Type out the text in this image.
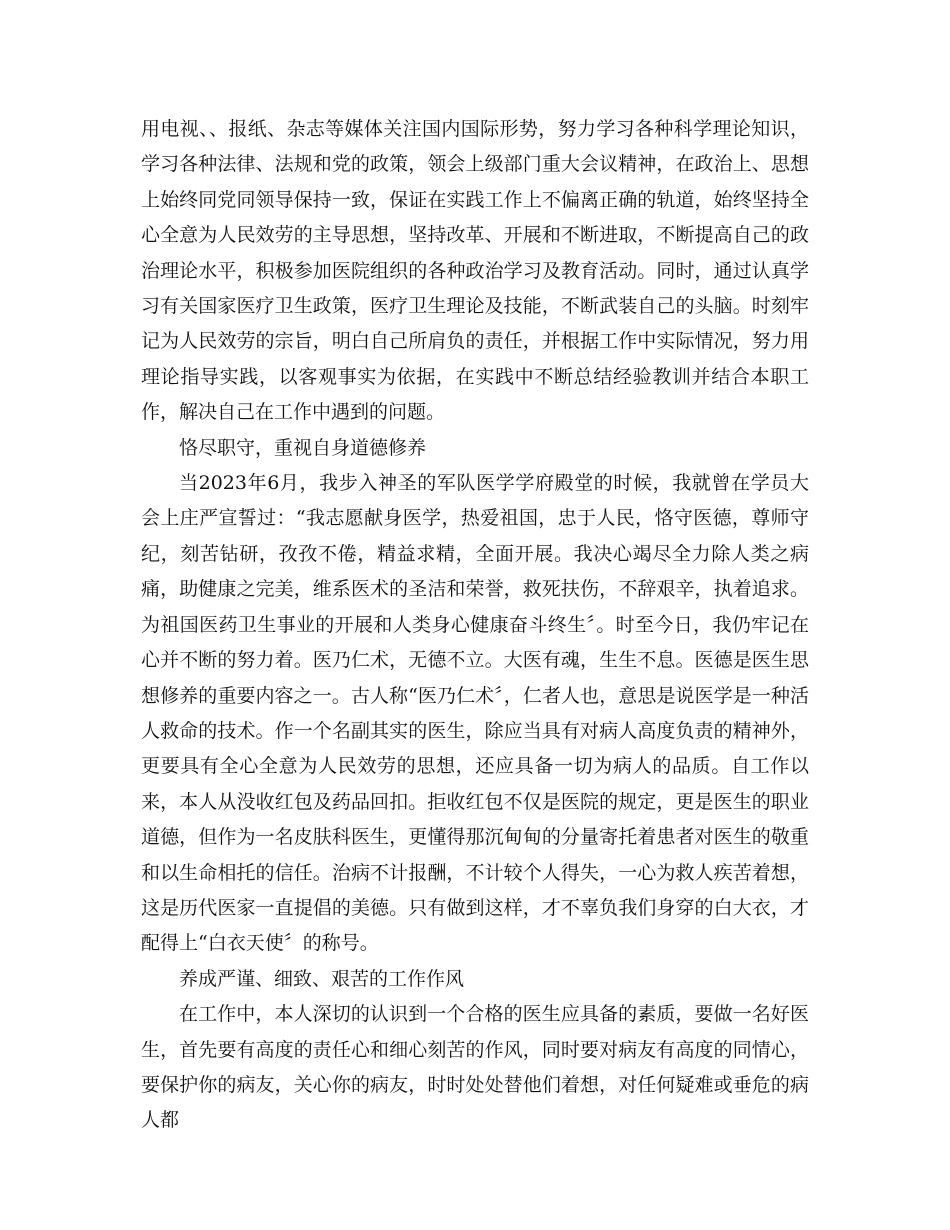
用电视、、报纸、杂志等媒体关注国内国际形势，努力学习各种科学理论知识，学习各种法律、法规和党的政策，领会上级部门重大会议精神，在政治上、思想上始终同党同领导保持一致，保证在实践工作上不偏离正确的轨道，始终坚持全心全意为人民效劳的主导思想，坚持改革、开展和不断进取，不断提高自己的政治理论水平，积极参加医院组织的各种政治学习及教育活动。同时，通过认真学习有关国家医疗卫生政策，医疗卫生理论及技能，不断武装自己的头脑。时刻牢记为人民效劳的宗旨，明白自己所肩负的责任，并根据工作中实际情况，努力用理论指导实践，以客观事实为依据，在实践中不断总结经验教训并结合本职工作，解决自己在工作中遇到的问题。

恪尽职守，重视自身道德修养

当2023年6月，我步入神圣的军队医学学府殿堂的时候，我就曾在学员大会上庄严宣誓过：“我志愿献身医学，热爱祖国，忠于人民，恪守医德，尊师守纪，刻苦钻研，孜孜不倦，精益求精，全面开展。我决心竭尽全力除人类之病痛，助健康之完美，维系医术的圣洁和荣誉，救死扶伤，不辞艰辛，执着追求。为祖国医药卫生事业的开展和人类身心健康奋斗终生〞。时至今日，我仍牢记在心并不断的努力着。医乃仁术，无德不立。大医有魂，生生不息。医德是医生思想修养的重要内容之一。古人称“医乃仁术〞，仁者人也，意思是说医学是一种活人救命的技术。作一个名副其实的医生，除应当具有对病人高度负责的精神外，更要具有全心全意为人民效劳的思想，还应具备一切为病人的品质。自工作以来，本人从没收红包及药品回扣。拒收红包不仅是医院的规定，更是医生的职业道德，但作为一名皮肤科医生，更懂得那沉甸甸的分量寄托着患者对医生的敬重和以生命相托的信任。治病不计报酬，不计较个人得失，一心为救人疾苦着想，这是历代医家一直提倡的美德。只有做到这样，才不辜负我们身穿的白大衣，才配得上“白衣天使〞的称号。

养成严谨、细致、艰苦的工作作风

在工作中，本人深切的认识到一个合格的医生应具备的素质，要做一名好医生，首先要有高度的责任心和细心刻苦的作风，同时要对病友有高度的同情心，要保护你的病友，关心你的病友，时时处处替他们着想，对任何疑难或垂危的病人都
